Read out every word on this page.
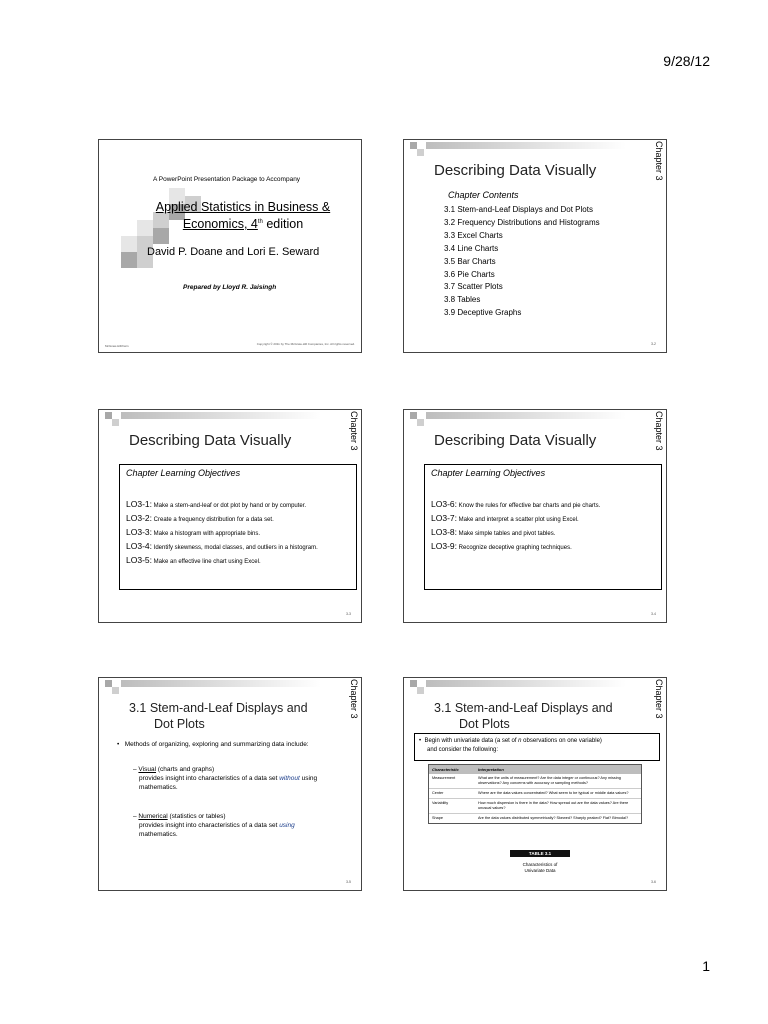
9/28/12
A PowerPoint Presentation Package to Accompany
Applied Statistics in Business &
Economics, 4th edition
David P. Doane and Lori E. Seward
Prepared by Lloyd R. Jaisingh
McGraw-Hill/Irwin	Copyright © 2011 by The McGraw-Hill Companies, Inc. All rights reserved.
Chapter 3
Describing Data Visually
Chapter Contents
3.1 Stem-and-Leaf Displays and Dot Plots
3.2 Frequency Distributions and Histograms
3.3 Excel Charts
3.4 Line Charts
3.5 Bar Charts
3.6 Pie Charts
3.7 Scatter Plots
3.8 Tables
3.9 Deceptive Graphs
3-2
Chapter 3
Describing Data Visually
Chapter Learning Objectives
LO3-1: Make a stem-and-leaf or dot plot by hand or by computer.
LO3-2: Create a frequency distribution for a data set.
LO3-3: Make a histogram with appropriate bins.
LO3-4: Identify skewness, modal classes, and outliers in a histogram.
LO3-5: Make an effective line chart using Excel.
3-3
Chapter 3
Describing Data Visually
Chapter Learning Objectives
LO3-6: Know the rules for effective bar charts and pie charts.
LO3-7: Make and interpret a scatter plot using Excel.
LO3-8: Make simple tables and pivot tables.
LO3-9: Recognize deceptive graphing techniques.
3-4
Chapter 3
3.1 Stem-and-Leaf Displays and
Dot Plots
•   Methods of organizing, exploring and summarizing data include:
– Visual (charts and graphs)
provides insight into characteristics of a data set without using
mathematics.
– Numerical (statistics or tables)
provides insight into characteristics of a data set using
mathematics.
3-5
Chapter 3
3.1 Stem-and-Leaf Displays and
Dot Plots
•  Begin with univariate data (a set of n observations on one variable)
and consider the following:
Characteristic	Interpretation
Measurement	What are the units of measurement? Are the data integer or continuous? Any missing observations? Any concerns with accuracy or sampling methods?
Center	Where are the data values concentrated? What seem to be typical or middle data values?
Variability	How much dispersion is there in the data? How spread out are the data values? Are there unusual values?
Shape	Are the data values distributed symmetrically? Skewed? Sharply peaked? Flat? Bimodal?
TABLE 3.1
Characteristics of
Univariate Data
3-6
1
